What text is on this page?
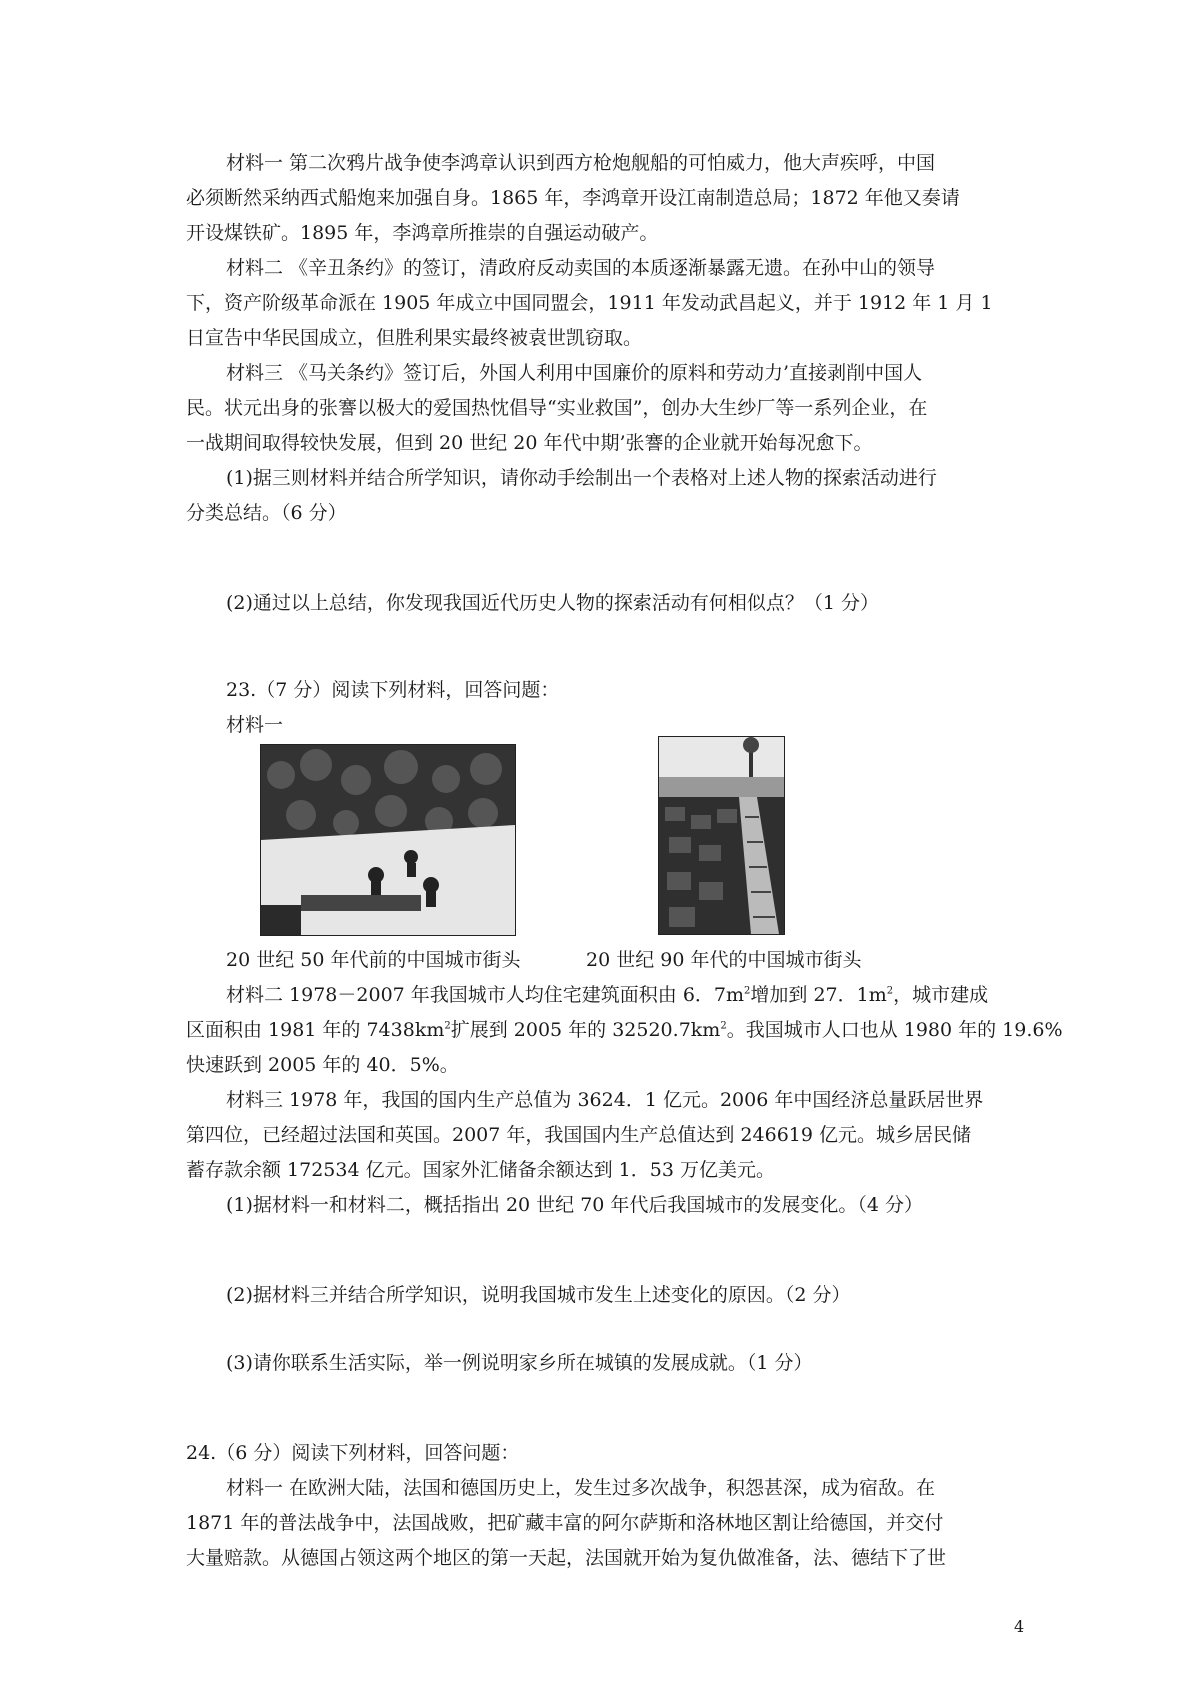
材料一 第二次鸦片战争使李鸿章认识到西方枪炮舰船的可怕威力，他大声疾呼，中国
必须断然采纳西式船炮来加强自身。1865 年，李鸿章开设江南制造总局；1872 年他又奏请
开设煤铁矿。1895 年，李鸿章所推崇的自强运动破产。
材料二 《辛丑条约》的签订，清政府反动卖国的本质逐渐暴露无遗。在孙中山的领导
下，资产阶级革命派在 1905 年成立中国同盟会，1911 年发动武昌起义，并于 1912 年 1 月 1
日宣告中华民国成立，但胜利果实最终被袁世凯窃取。
材料三 《马关条约》签订后，外国人利用中国廉价的原料和劳动力’直接剥削中国人
民。状元出身的张謇以极大的爱国热忱倡导“实业救国”，创办大生纱厂等一系列企业，在
一战期间取得较快发展，但到 20 世纪 20 年代中期’张謇的企业就开始每况愈下。
(1)据三则材料并结合所学知识，请你动手绘制出一个表格对上述人物的探索活动进行
分类总结。（6 分）
(2)通过以上总结，你发现我国近代历史人物的探索活动有何相似点？（1 分）
23.（7 分）阅读下列材料，回答问题：
材料一
20 世纪 50 年代前的中国城市街头	20 世纪 90 年代的中国城市街头
材料二 1978－2007 年我国城市人均住宅建筑面积由 6．$7m^2$增加到 27．$1m^2$，城市建成
区面积由 1981 年的 $7438km^2$扩展到 2005 年的 $32520.7km^2$。我国城市人口也从 1980 年的 19.6%
快速跃到 2005 年的 40．5%。
材料三 1978 年，我国的国内生产总值为 3624．1 亿元。2006 年中国经济总量跃居世界
第四位，已经超过法国和英国。2007 年，我国国内生产总值达到 246619 亿元。城乡居民储
蓄存款余额 172534 亿元。国家外汇储备余额达到 1．53 万亿美元。
(1)据材料一和材料二，概括指出 20 世纪 70 年代后我国城市的发展变化。（4 分）
(2)据材料三并结合所学知识，说明我国城市发生上述变化的原因。（2 分）
(3)请你联系生活实际，举一例说明家乡所在城镇的发展成就。（1 分）
24.（6 分）阅读下列材料，回答问题：
材料一 在欧洲大陆，法国和德国历史上，发生过多次战争，积怨甚深，成为宿敌。在
1871 年的普法战争中，法国战败，把矿藏丰富的阿尔萨斯和洛林地区割让给德国，并交付
大量赔款。从德国占领这两个地区的第一天起，法国就开始为复仇做准备，法、德结下了世
4
